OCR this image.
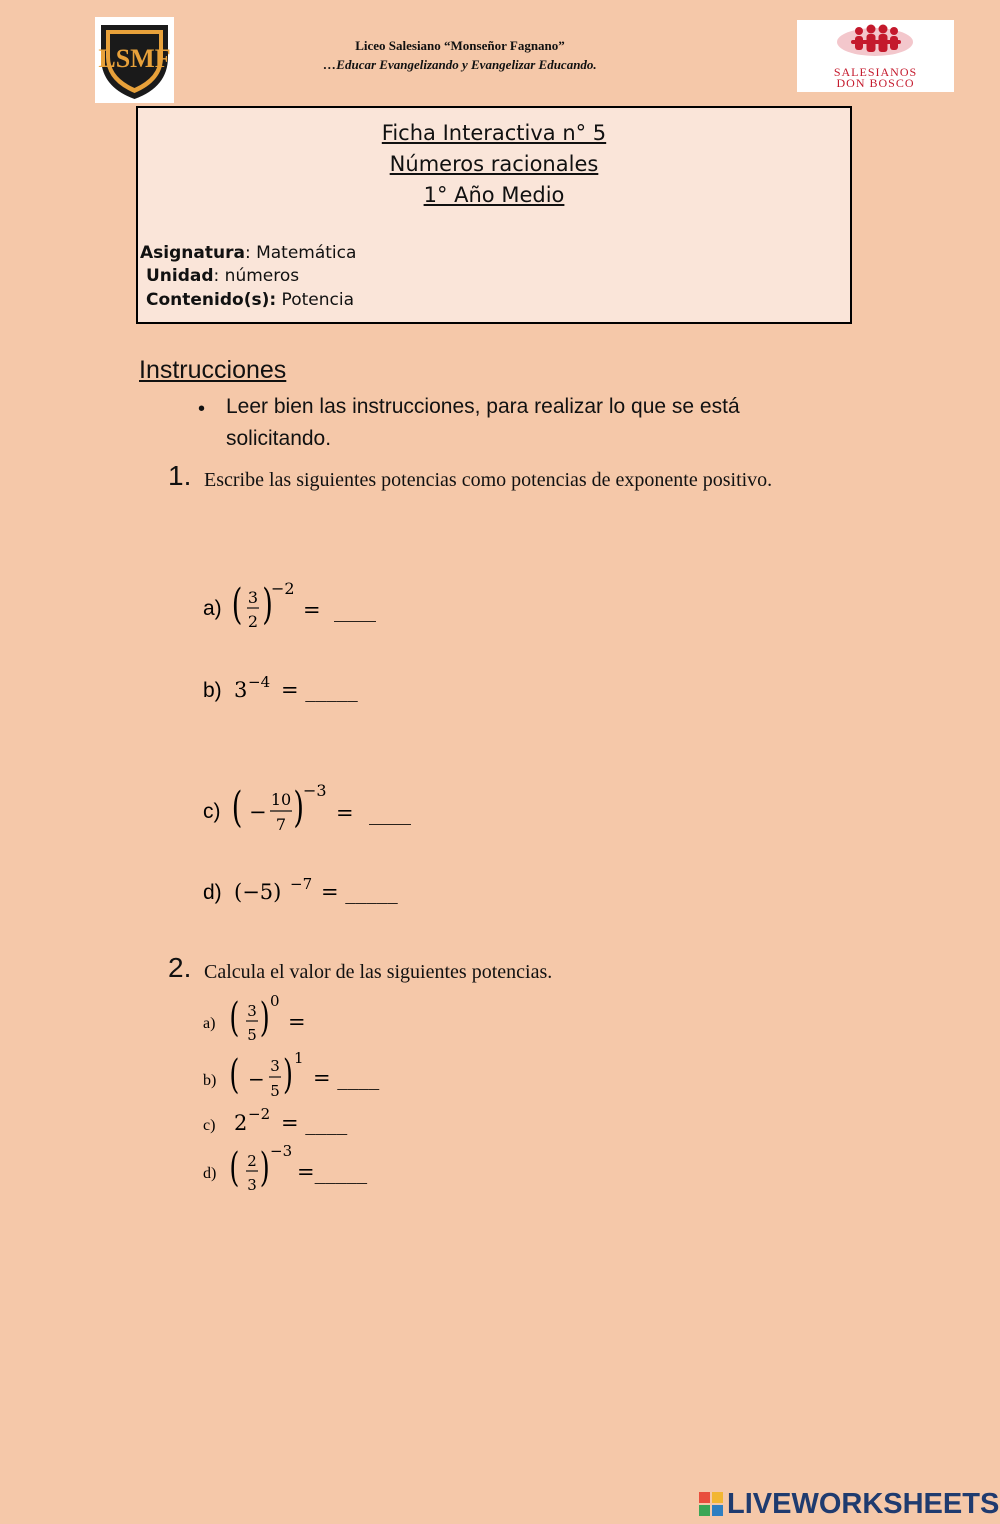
LSMF	Liceo Salesiano “Monseñor Fagnano”
…Educar Evangelizando y Evangelizar Educando.	SALESIANOS
DON BOSCO
Ficha Interactiva n° 5
Números racionales
1° Año Medio
Asignatura: Matemática
Unidad: números
Contenido(s): Potencia
Instrucciones
• Leer bien las instrucciones, para realizar lo que se está solicitando.
1. Escribe las siguientes potencias como potencias de exponente positivo.
a) ( 3
2 )
−2
= ____
b) 3 −4 = _____
c) ( −
10
7 )
−3
= ____
d) (−5) −7 = _____
2. Calcula el valor de las siguientes potencias.
a) ( 3
5 ) 0
=
b) ( −
3
5 ) 1
= ____
c) 2 −2 = ____
d) ( 2
3 ) −3
=_____
LIVEWORKSHEETS
